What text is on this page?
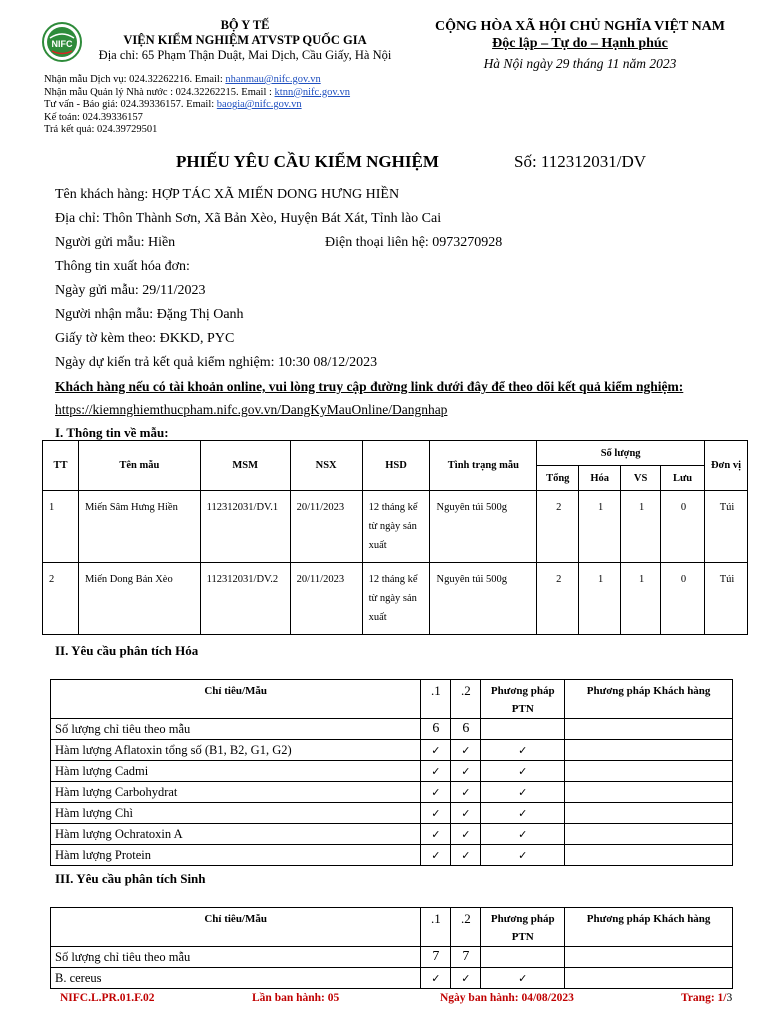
NIFC
BỘ Y TẾ
VIỆN KIỂM NGHIỆM ATVSTP QUỐC GIA
Địa chỉ: 65 Phạm Thận Duật, Mai Dịch, Cầu Giấy, Hà Nội
CỘNG HÒA XÃ HỘI CHỦ NGHĨA VIỆT NAM
Độc lập – Tự do – Hạnh phúc
Hà Nội ngày 29 tháng 11 năm 2023
Nhận mẫu Dịch vụ: 024.32262216. Email: nhanmau@nifc.gov.vn
Nhận mẫu Quản lý Nhà nước : 024.32262215. Email : ktnn@nifc.gov.vn
Tư vấn - Báo giá: 024.39336157. Email: baogia@nifc.gov.vn
Kế toán: 024.39336157
Trả kết quả: 024.39729501
PHIẾU YÊU CẦU KIỂM NGHIỆM	Số: 112312031/DV
Tên khách hàng: HỢP TÁC XÃ MIẾN DONG HƯNG HIỀN
Địa chỉ: Thôn Thành Sơn, Xã Bản Xèo, Huyện Bát Xát, Tỉnh lào Cai
Người gửi mẫu: Hiền	Điện thoại liên hệ: 0973270928
Thông tin xuất hóa đơn:
Ngày gửi mẫu: 29/11/2023
Người nhận mẫu: Đặng Thị Oanh
Giấy tờ kèm theo: ĐKKD, PYC
Ngày dự kiến trả kết quả kiểm nghiệm: 10:30 08/12/2023
Khách hàng nếu có tài khoản online, vui lòng truy cập đường link dưới đây để theo dõi kết quả kiểm nghiệm:
https://kiemnghiemthucpham.nifc.gov.vn/DangKyMauOnline/Dangnhap
I. Thông tin về mẫu:
TT	Tên mẫu	MSM	NSX	HSD	Tình trạng mẫu	Số lượng				Đơn vị
						Tổng	Hóa	VS	Lưu	
1	Miến Sâm Hưng Hiền	112312031/DV.1	20/11/2023	12 tháng kể từ ngày sản xuất	Nguyên túi 500g	2	1	1	0	Túi
2	Miến Dong Bản Xèo	112312031/DV.2	20/11/2023	12 tháng kể từ ngày sản xuất	Nguyên túi 500g	2	1	1	0	Túi
II. Yêu cầu phân tích Hóa
Chỉ tiêu/Mẫu	.1	.2	Phương pháp PTN	Phương pháp Khách hàng
Số lượng chỉ tiêu theo mẫu	6	6		
Hàm lượng Aflatoxin tổng số (B1, B2, G1, G2)	✓	✓	✓	
Hàm lượng Cadmi	✓	✓	✓	
Hàm lượng Carbohydrat	✓	✓	✓	
Hàm lượng Chì	✓	✓	✓	
Hàm lượng Ochratoxin A	✓	✓	✓	
Hàm lượng Protein	✓	✓	✓	
III. Yêu cầu phân tích Sinh
Chỉ tiêu/Mẫu	.1	.2	Phương pháp PTN	Phương pháp Khách hàng
Số lượng chỉ tiêu theo mẫu	7	7		
B. cereus	✓	✓	✓	
NIFC.L.PR.01.F.02	Lần ban hành: 05	Ngày ban hành: 04/08/2023	Trang: 1/3
